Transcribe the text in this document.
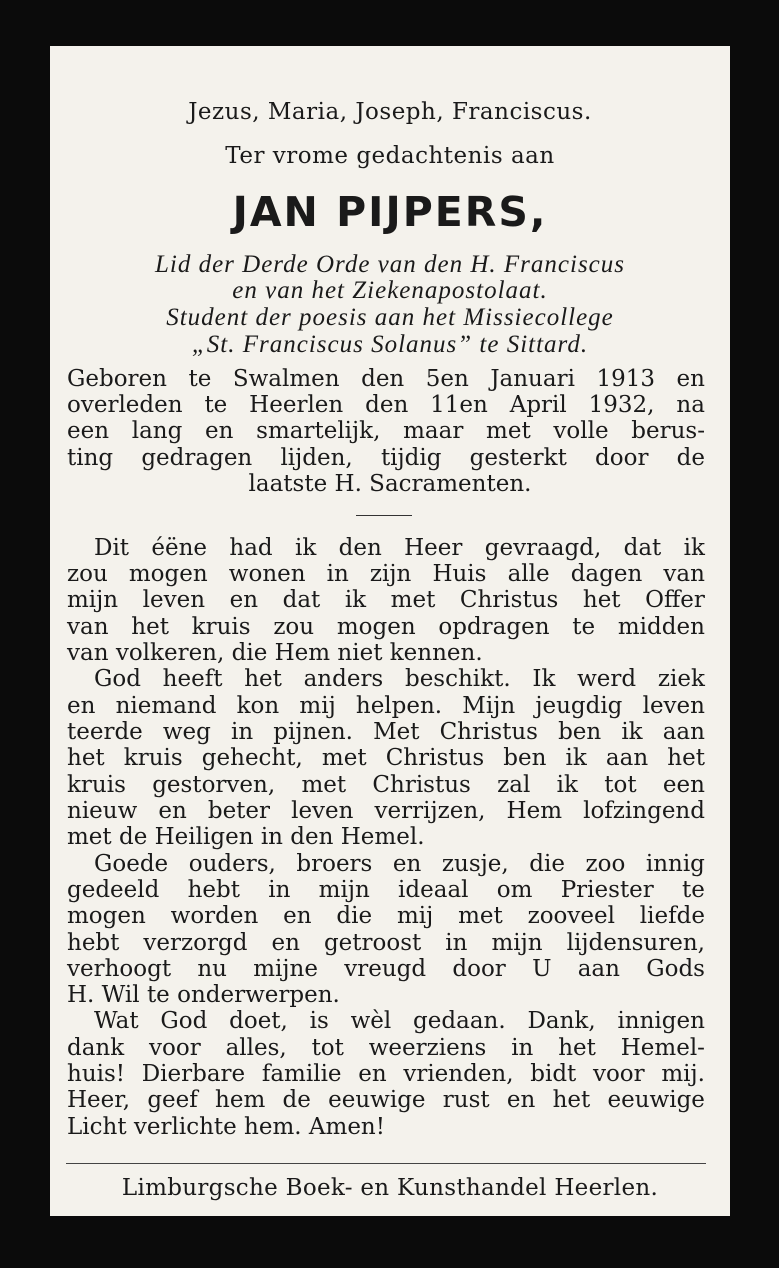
Jezus, Maria, Joseph, Franciscus.
Ter vrome gedachtenis aan
JAN PIJPERS,
Lid der Derde Orde van den H. Franciscus
en van het Ziekenapostolaat.
Student der poesis aan het Missiecollege
„St. Franciscus Solanus” te Sittard.
Geboren te Swalmen den 5en Januari 1913 en
overleden te Heerlen den 11en April 1932, na
een lang en smartelijk, maar met volle berus-
ting gedragen lijden, tijdig gesterkt door de
laatste H. Sacramenten.
Dit éëne had ik den Heer gevraagd, dat ik
zou mogen wonen in zijn Huis alle dagen van
mijn leven en dat ik met Christus het Offer
van het kruis zou mogen opdragen te midden
van volkeren, die Hem niet kennen.
God heeft het anders beschikt. Ik werd ziek
en niemand kon mij helpen. Mijn jeugdig leven
teerde weg in pijnen. Met Christus ben ik aan
het kruis gehecht, met Christus ben ik aan het
kruis gestorven, met Christus zal ik tot een
nieuw en beter leven verrijzen, Hem lofzingend
met de Heiligen in den Hemel.
Goede ouders, broers en zusje, die zoo innig
gedeeld hebt in mijn ideaal om Priester te
mogen worden en die mij met zooveel liefde
hebt verzorgd en getroost in mijn lijdensuren,
verhoogt nu mijne vreugd door U aan Gods
H. Wil te onderwerpen.
Wat God doet, is wèl gedaan. Dank, innigen
dank voor alles, tot weerziens in het Hemel-
huis! Dierbare familie en vrienden, bidt voor mij.
Heer, geef hem de eeuwige rust en het eeuwige
Licht verlichte hem. Amen!
Limburgsche Boek- en Kunsthandel Heerlen.
